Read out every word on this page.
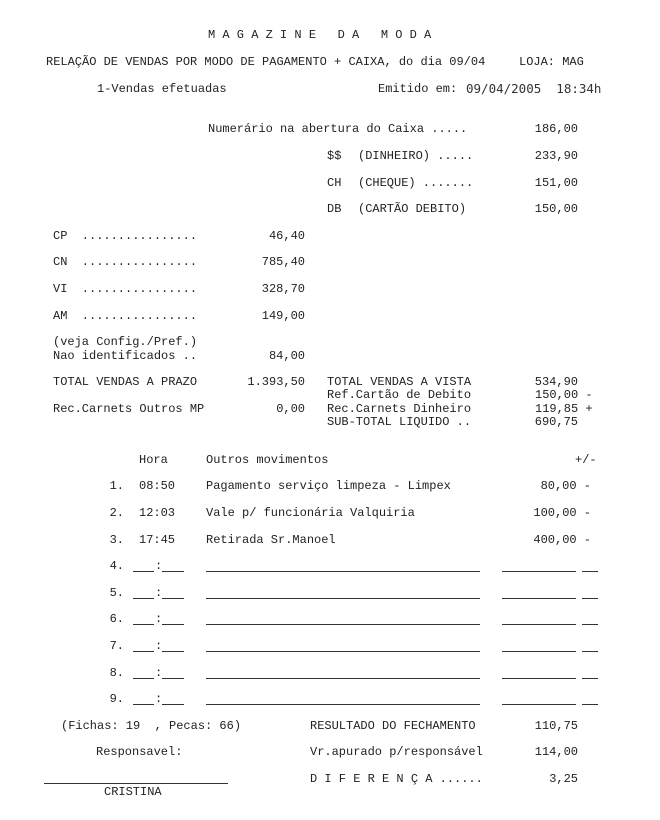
M A G A Z I N E   D A   M O D A
RELAÇÃO DE VENDAS POR MODO DE PAGAMENTO + CAIXA, do dia 09/04	LOJA: MAG
1-Vendas efetuadas	Emitido em: 09/04/2005  18:34h
Numerário na abertura do Caixa .....	186,00
$$ (DINHEIRO) .....	233,90
CH (CHEQUE) .......	151,00
DB (CARTÃO DEBITO)	150,00
CP  ................	46,40
CN  ................	785,40
VI  ................	328,70
AM  ................	149,00
(veja Config./Pref.)
Nao identificados ..	84,00
TOTAL VENDAS A PRAZO	1.393,50
Rec.Carnets Outros MP	0,00
TOTAL VENDAS A VISTA	534,90
Ref.Cartão de Debito	150,00 -
Rec.Carnets Dinheiro	119,85 +
SUB-TOTAL LIQUIDO ..	690,75
Hora	Outros movimentos	+/-
1. 08:50	Pagamento serviço limpeza - Limpex	80,00 -
2. 12:03	Vale p/ funcionária Valquiria	100,00 -
3. 17:45	Retirada Sr.Manoel	400,00 -
4.	:
5.	:
6.	:
7.	:
8.	:
9.	:
(Fichas: 19  , Pecas: 66)	RESULTADO DO FECHAMENTO	110,75
Responsavel:	Vr.apurado p/responsável	114,00
D I F E R E N Ç A ......	3,25
CRISTINA
